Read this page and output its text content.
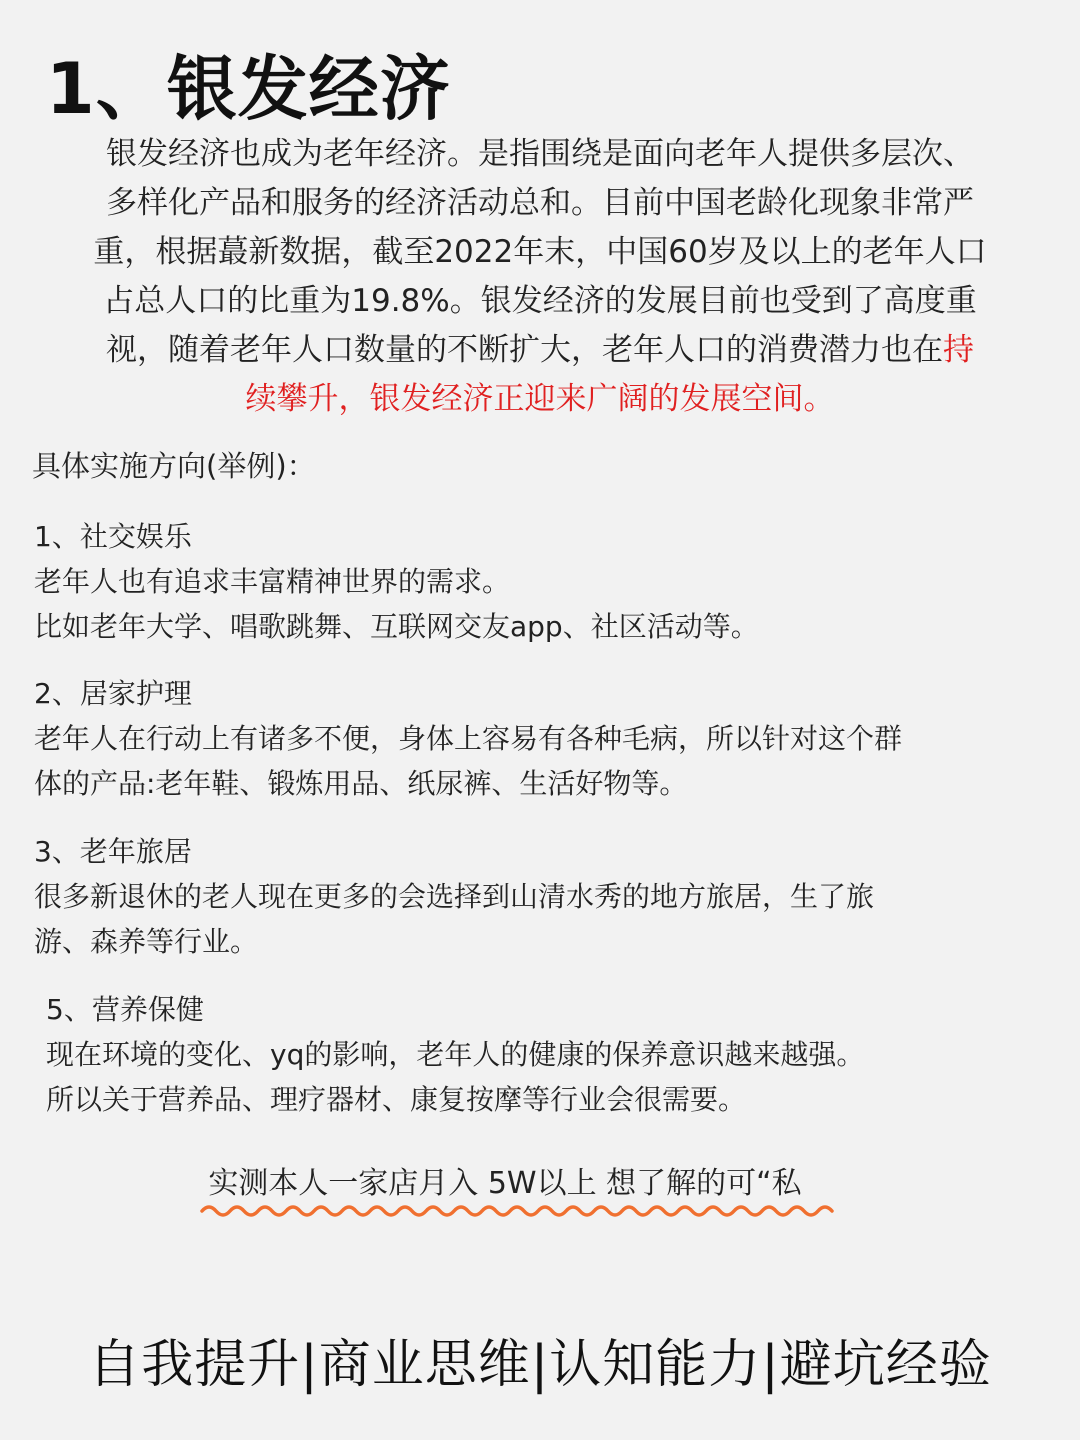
1、银发经济
银发经济也成为老年经济。是指围绕是面向老年人提供多层次、
多样化产品和服务的经济活动总和。目前中国老龄化现象非常严
重，根据蕞新数据，截至2022年末，中国60岁及以上的老年人口
占总人口的比重为19.8%。银发经济的发展目前也受到了高度重
视，随着老年人口数量的不断扩大，老年人口的消费潜力也在持
续攀升，银发经济正迎来广阔的发展空间。
具体实施方向(举例)：

1、社交娱乐

老年人也有追求丰富精神世界的需求。

比如老年大学、唱歌跳舞、互联网交友app、社区活动等。

2、居家护理

老年人在行动上有诸多不便，身体上容易有各种毛病，所以针对这个群

体的产品:老年鞋、锻炼用品、纸尿裤、生活好物等。

3、老年旅居

很多新退休的老人现在更多的会选择到山清水秀的地方旅居，生了旅

游、森养等行业。

5、营养保健

现在环境的变化、yq的影响，老年人的健康的保养意识越来越强。

所以关于营养品、理疗器材、康复按摩等行业会很需要。

实测本人一家店月入 5W以上 想了解的可“私
自我提升|商业思维|认知能力|避坑经验
